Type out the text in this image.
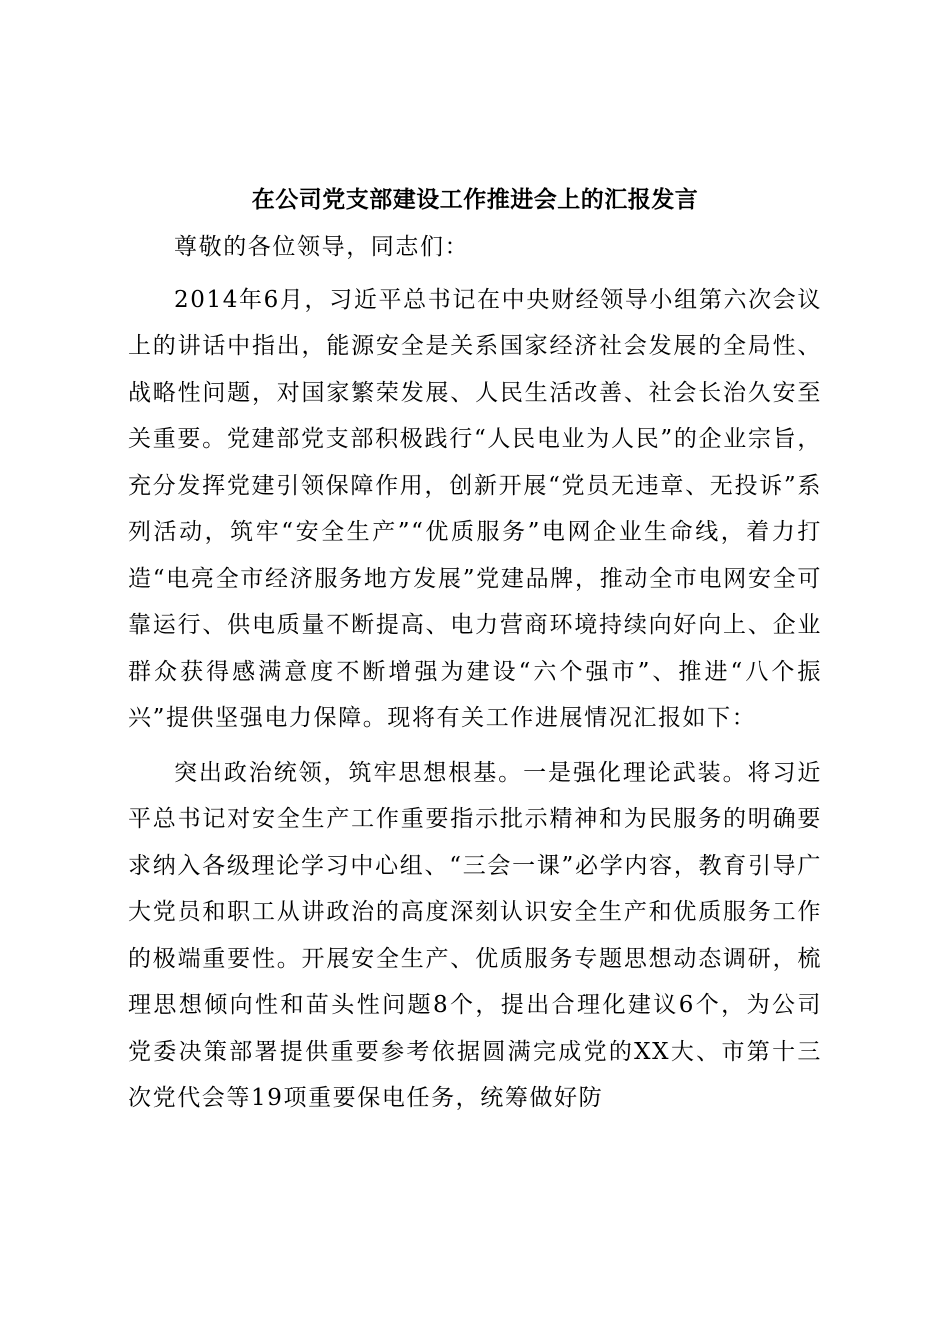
在公司党支部建设工作推进会上的汇报发言

尊敬的各位领导，同志们：

2014年6月，习近平总书记在中央财经领导小组第六次会议上的讲话中指出，能源安全是关系国家经济社会发展的全局性、战略性问题，对国家繁荣发展、人民生活改善、社会长治久安至关重要。党建部党支部积极践行“人民电业为人民”的企业宗旨，充分发挥党建引领保障作用，创新开展“党员无违章、无投诉”系列活动，筑牢“安全生产”“优质服务”电网企业生命线，着力打造“电亮全市经济服务地方发展”党建品牌，推动全市电网安全可靠运行、供电质量不断提高、电力营商环境持续向好向上、企业群众获得感满意度不断增强为建设“六个强市”、推进“八个振兴”提供坚强电力保障。现将有关工作进展情况汇报如下：

突出政治统领，筑牢思想根基。一是强化理论武装。将习近平总书记对安全生产工作重要指示批示精神和为民服务的明确要求纳入各级理论学习中心组、“三会一课”必学内容，教育引导广大党员和职工从讲政治的高度深刻认识安全生产和优质服务工作的极端重要性。开展安全生产、优质服务专题思想动态调研，梳理思想倾向性和苗头性问题8个，提出合理化建议6个，为公司党委决策部署提供重要参考依据圆满完成党的XX大、市第十三次党代会等19项重要保电任务，统筹做好防
